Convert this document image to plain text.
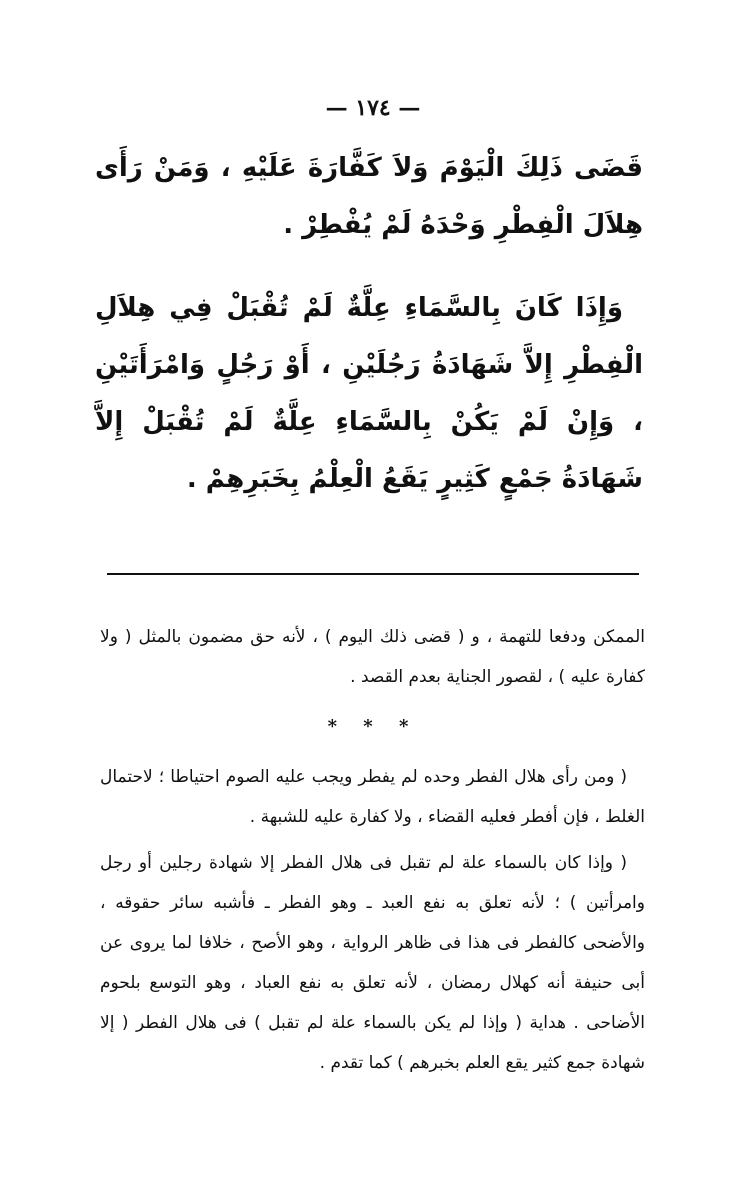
— ١٧٤ —

قَضَى ذَلِكَ الْيَوْمَ وَلاَ كَفَّارَةَ عَلَيْهِ ، وَمَنْ رَأَى هِلاَلَ الْفِطْرِ وَحْدَهُ لَمْ يُفْطِرْ .

وَإِذَا كَانَ بِالسَّمَاءِ عِلَّةٌ لَمْ تُقْبَلْ فِي هِلاَلِ الْفِطْرِ إِلاَّ شَهَادَةُ رَجُلَيْنِ ، أَوْ رَجُلٍ وَامْرَأَتَيْنِ ، وَإِنْ لَمْ يَكُنْ بِالسَّمَاءِ عِلَّةٌ لَمْ تُقْبَلْ إِلاَّ شَهَادَةُ جَمْعٍ كَثِيرٍ يَقَعُ الْعِلْمُ بِخَبَرِهِمْ .

الممكن ودفعا للتهمة ، و ( قضى ذلك اليوم ) ، لأنه حق مضمون بالمثل ( ولا كفارة عليه ) ، لقصور الجناية بعدم القصد .

* * *

( ومن رأى هلال الفطر وحده لم يفطر ويجب عليه الصوم احتياطا ؛ لاحتمال الغلط ، فإن أفطر فعليه القضاء ، ولا كفارة عليه للشبهة .

( وإذا كان بالسماء علة لم تقبل فى هلال الفطر إلا شهادة رجلين أو رجل وامرأتين ) ؛ لأنه تعلق به نفع العبد ـ وهو الفطر ـ فأشبه سائر حقوقه ، والأضحى كالفطر فى هذا فى ظاهر الرواية ، وهو الأصح ، خلافا لما يروى عن أبى حنيفة أنه كهلال رمضان ، لأنه تعلق به نفع العباد ، وهو التوسع بلحوم الأضاحى . هداية ( وإذا لم يكن بالسماء علة لم تقبل ) فى هلال الفطر ( إلا شهادة جمع كثير يقع العلم بخبرهم ) كما تقدم .
